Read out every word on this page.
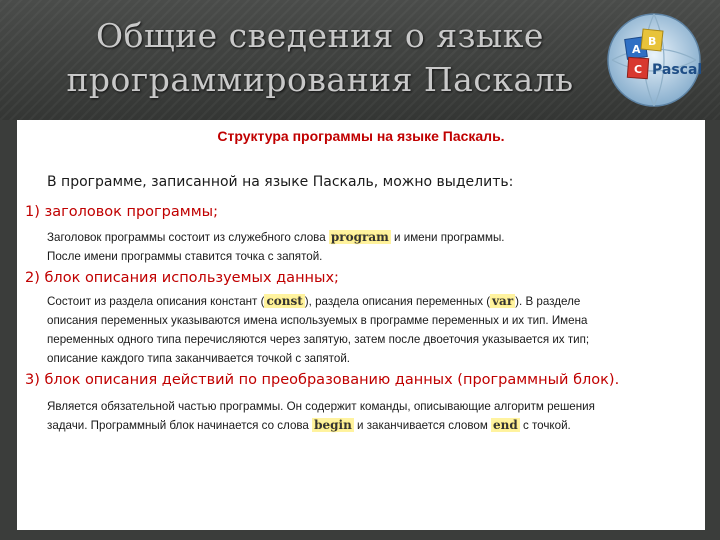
Общие сведения о языке
программирования Паскаль
A
B
C Pascal
Структура программы на языке Паскаль.
В программе, записанной на языке Паскаль, можно выделить:
1) заголовок программы;
Заголовок программы состоит из служебного слова program и имени программы.
После имени программы ставится точка с запятой.
2) блок описания используемых данных;
Состоит из раздела описания констант ( const ), раздела описания переменных ( var ). В разделе
описания переменных указываются имена используемых в программе переменных и их тип. Имена
переменных одного типа перечисляются через запятую, затем после двоеточия указывается их тип;
описание каждого типа заканчивается точкой с запятой.
3) блок описания действий по преобразованию данных (программный блок).
Является обязательной частью программы. Он содержит команды, описывающие алгоритм решения
задачи. Программный блок начинается со слова begin и заканчивается словом end с точкой.
